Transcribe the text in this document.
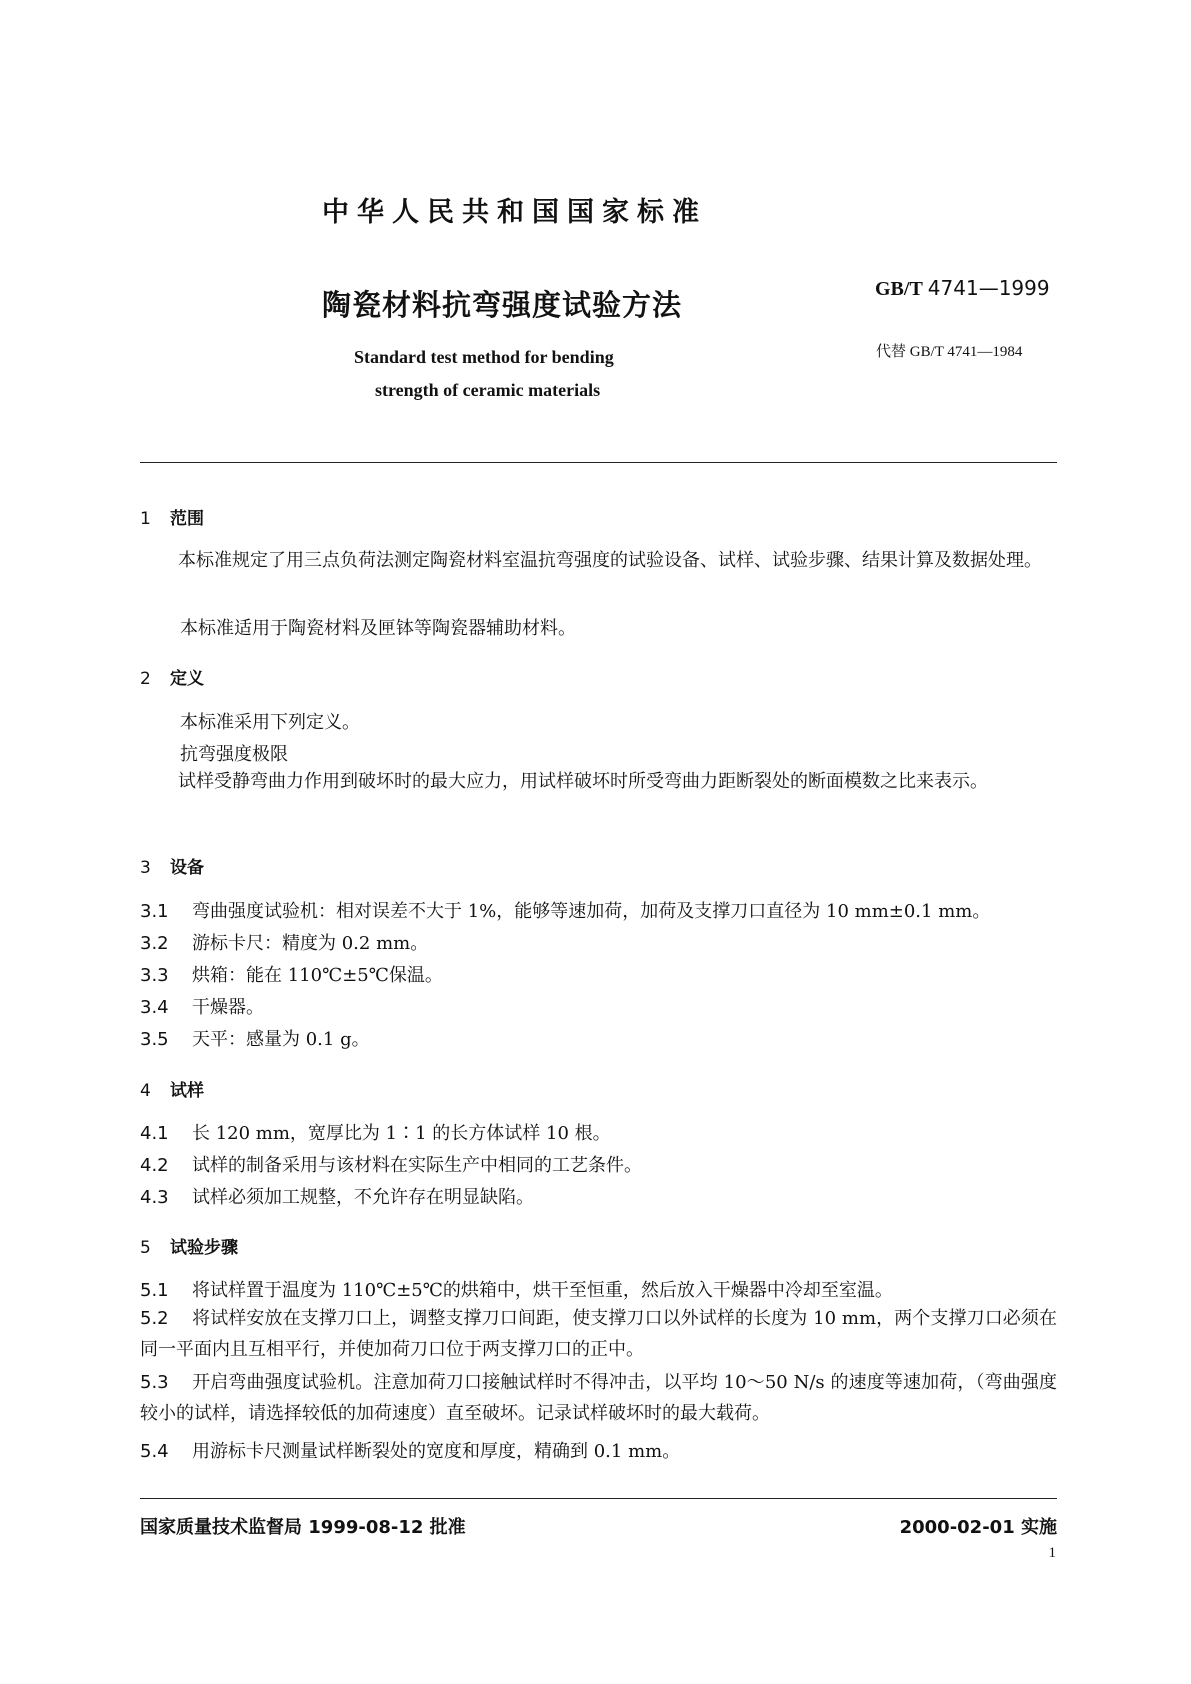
中华人民共和国国家标准
陶瓷材料抗弯强度试验方法
Standard test method for bending
strength of ceramic materials
GB/T 4741—1999
代替 GB/T 4741—1984
1 范围
本标准规定了用三点负荷法测定陶瓷材料室温抗弯强度的试验设备、试样、试验步骤、结果计算及数据处理。
本标准适用于陶瓷材料及匣钵等陶瓷器辅助材料。
2 定义
本标准采用下列定义。
抗弯强度极限
试样受静弯曲力作用到破坏时的最大应力，用试样破坏时所受弯曲力距断裂处的断面模数之比来表示。
3 设备
3.1 弯曲强度试验机：相对误差不大于 1%，能够等速加荷，加荷及支撑刀口直径为 10 mm±0.1 mm。
3.2 游标卡尺：精度为 0.2 mm。
3.3 烘箱：能在 110℃±5℃保温。
3.4 干燥器。
3.5 天平：感量为 0.1 g。
4 试样
4.1 长 120 mm，宽厚比为 1∶1 的长方体试样 10 根。
4.2 试样的制备采用与该材料在实际生产中相同的工艺条件。
4.3 试样必须加工规整，不允许存在明显缺陷。
5 试验步骤
5.1 将试样置于温度为 110℃±5℃的烘箱中，烘干至恒重，然后放入干燥器中冷却至室温。
5.2 将试样安放在支撑刀口上，调整支撑刀口间距，使支撑刀口以外试样的长度为 10 mm，两个支撑刀口必须在同一平面内且互相平行，并使加荷刀口位于两支撑刀口的正中。
5.3 开启弯曲强度试验机。注意加荷刀口接触试样时不得冲击，以平均 10～50 N/s 的速度等速加荷，（弯曲强度较小的试样，请选择较低的加荷速度）直至破坏。记录试样破坏时的最大载荷。
5.4 用游标卡尺测量试样断裂处的宽度和厚度，精确到 0.1 mm。
国家质量技术监督局 1999-08-12 批准	2000-02-01 实施
1
